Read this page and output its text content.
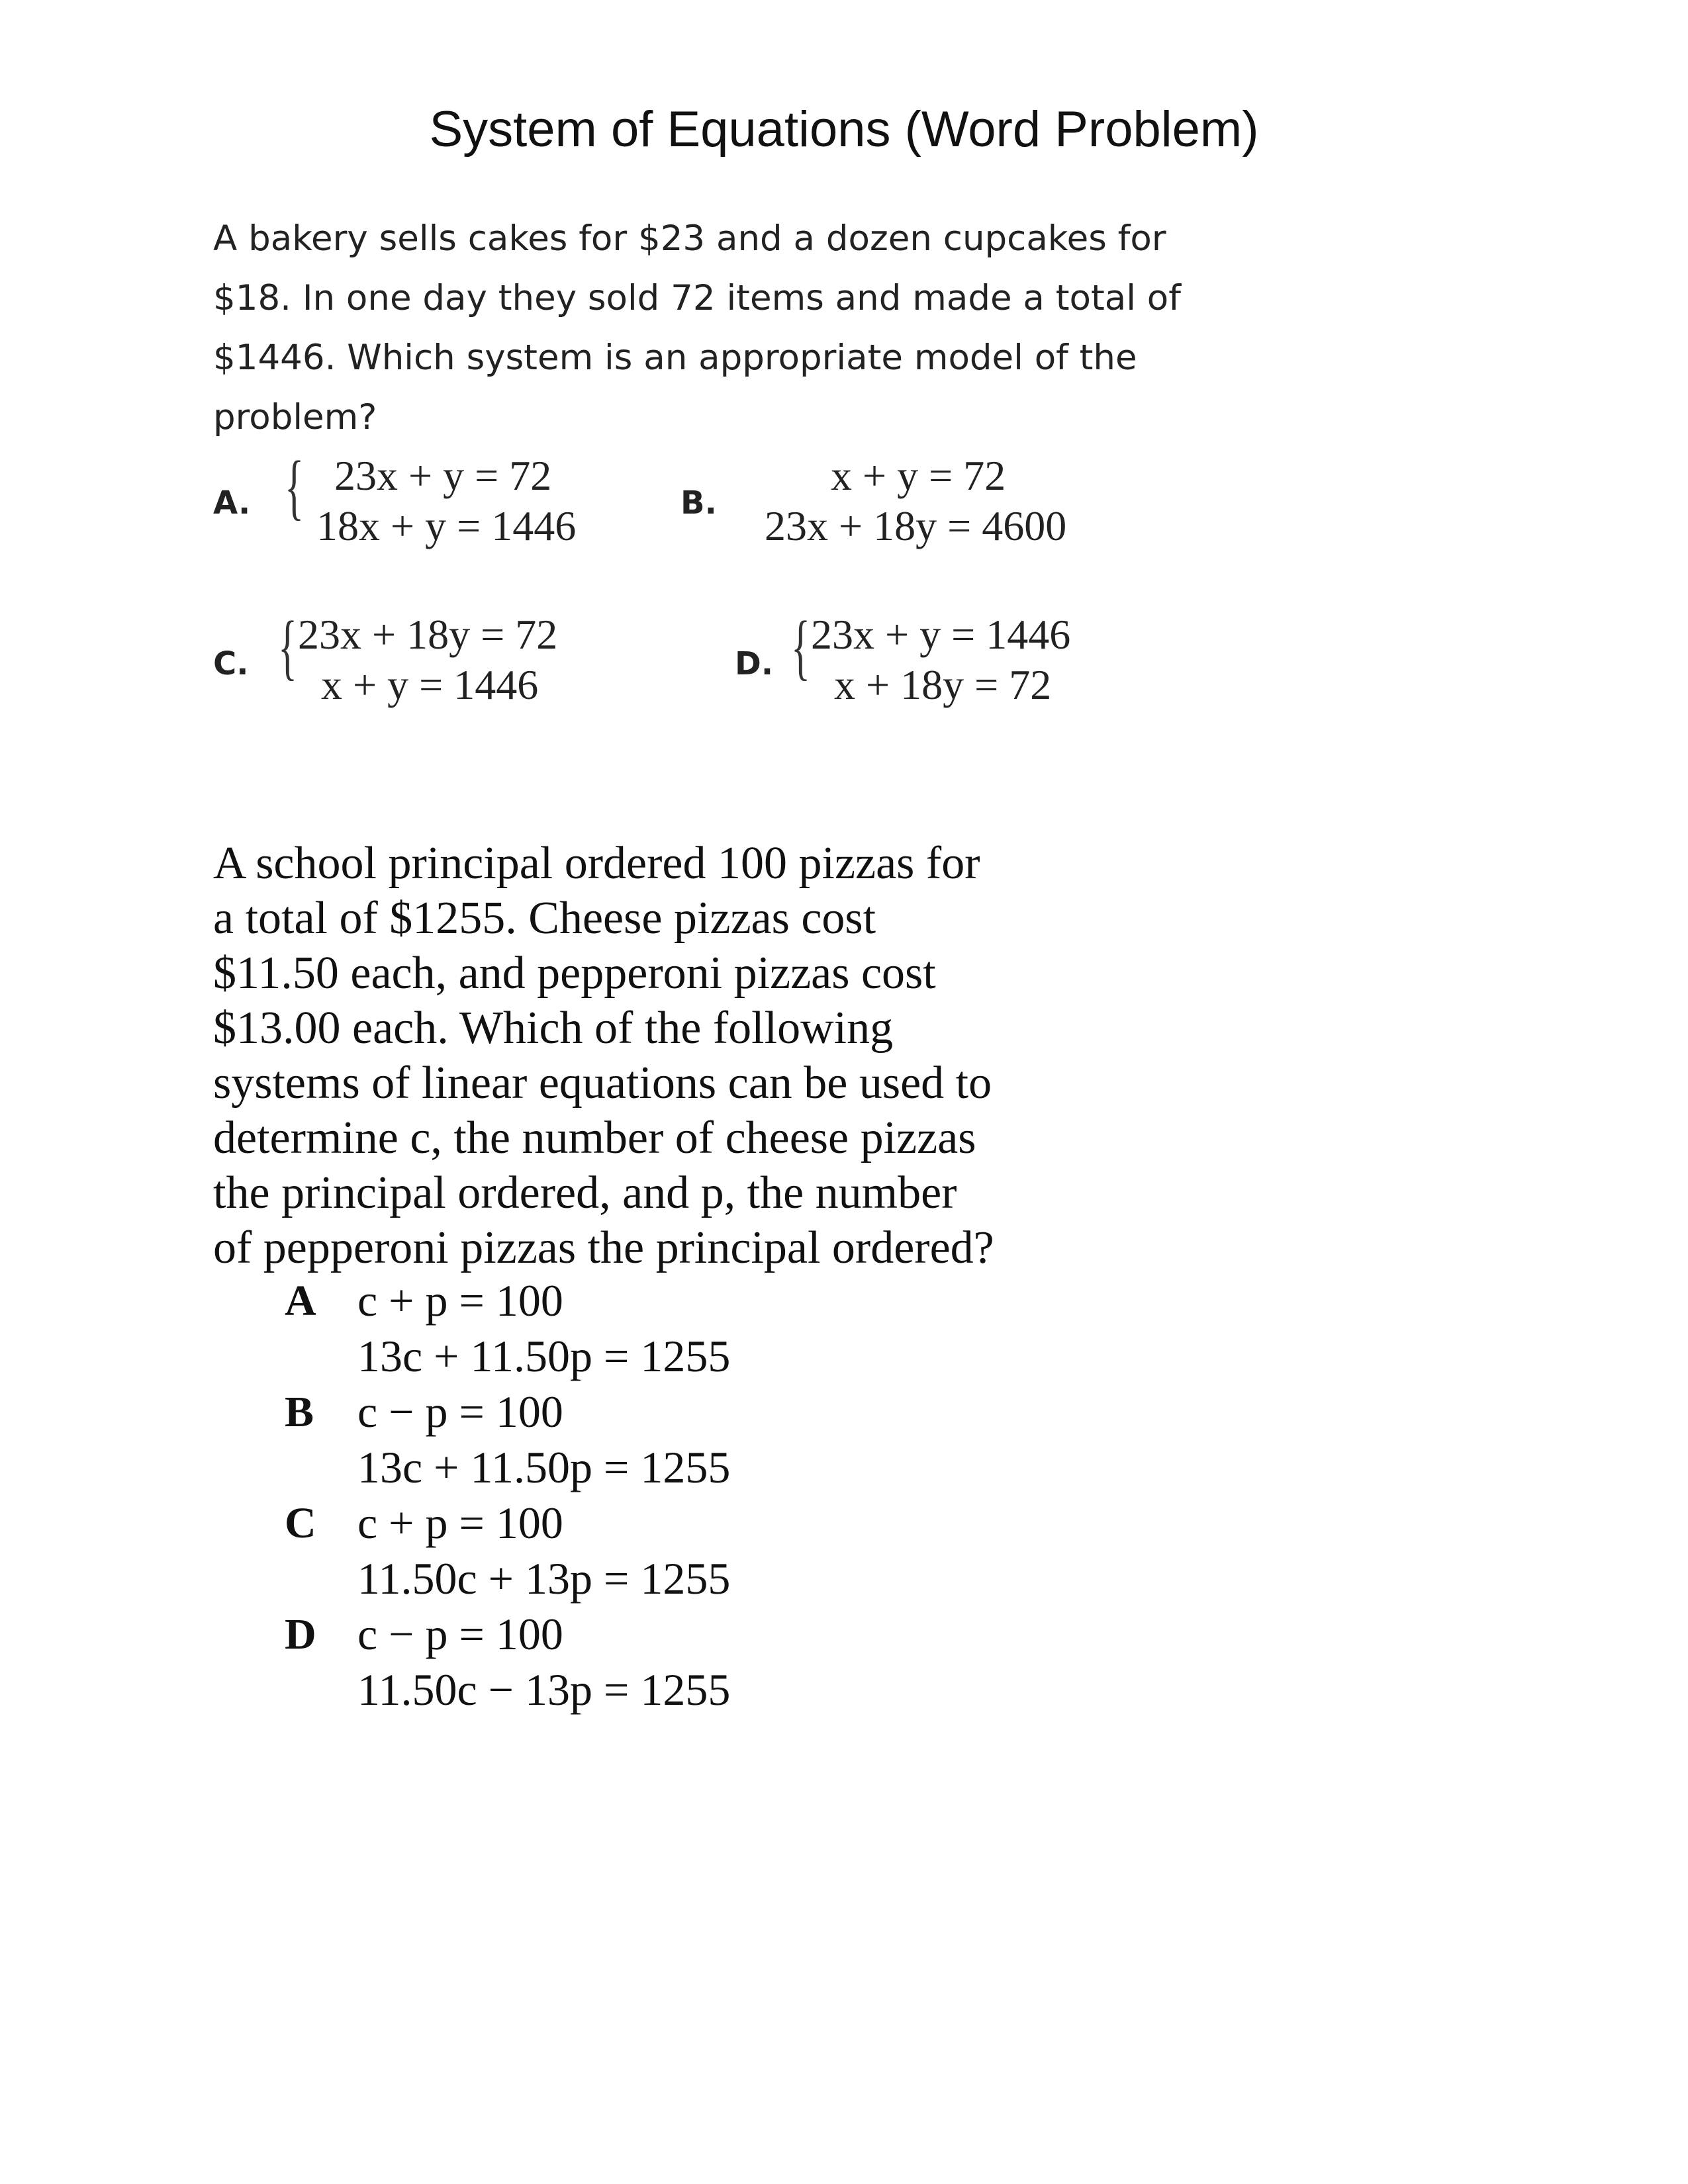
System of Equations (Word Problem)
A bakery sells cakes for $23 and a dozen cupcakes for
$18. In one day they sold 72 items and made a total of
$1446. Which system is an appropriate model of the
problem?
A. { 23x + y = 72
18x + y = 1446	B.
x + y = 72
23x + 18y = 4600
C. { 23x + 18y = 72
x + y = 1446	D. { 23x + y = 1446
x + 18y = 72
A school principal ordered 100 pizzas for
a total of $1255. Cheese pizzas cost
$11.50 each, and pepperoni pizzas cost
$13.00 each. Which of the following
systems of linear equations can be used to
determine c, the number of cheese pizzas
the principal ordered, and p, the number
of pepperoni pizzas the principal ordered?
A c + p = 100
13c + 11.50p = 1255
B c − p = 100
13c + 11.50p = 1255
C c + p = 100
11.50c + 13p = 1255
D c − p = 100
11.50c − 13p = 1255
